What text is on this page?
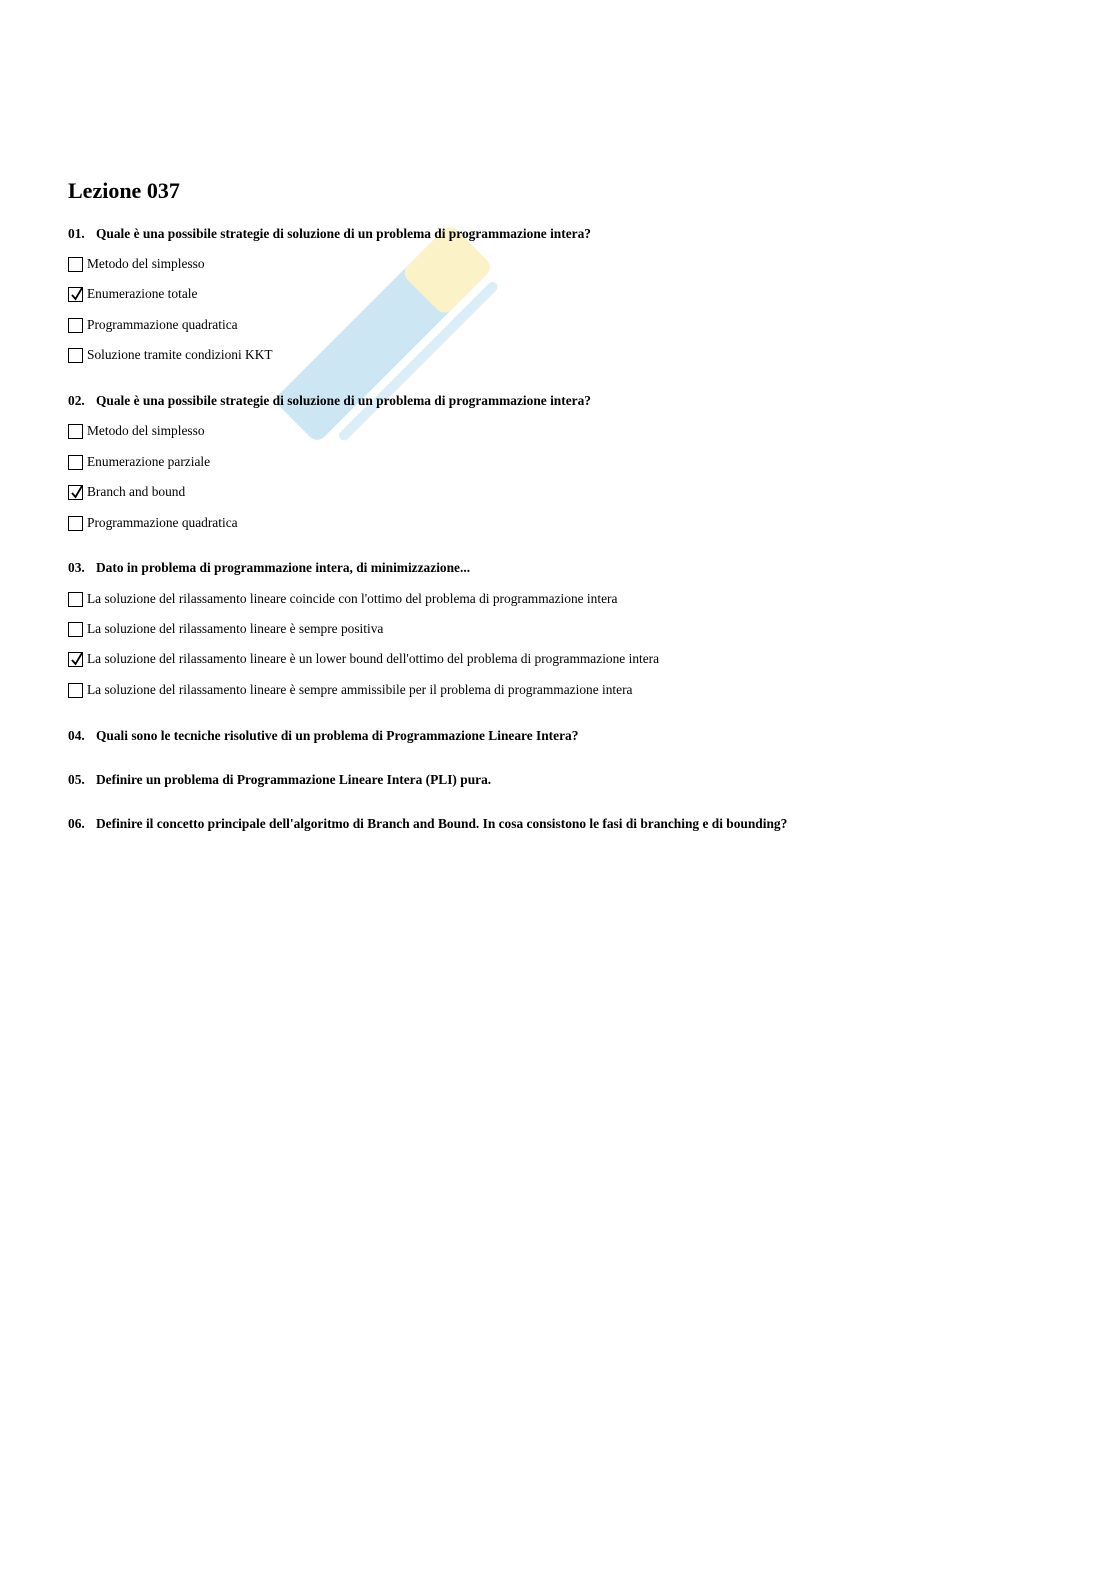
Lezione 037
01. Quale è una possibile strategie di soluzione di un problema di programmazione intera?
Metodo del simplesso
Enumerazione totale
Programmazione quadratica
Soluzione tramite condizioni KKT
02. Quale è una possibile strategie di soluzione di un problema di programmazione intera?
Metodo del simplesso
Enumerazione parziale
Branch and bound
Programmazione quadratica
03. Dato in problema di programmazione intera, di minimizzazione...
La soluzione del rilassamento lineare coincide con l'ottimo del problema di programmazione intera
La soluzione del rilassamento lineare è sempre positiva
La soluzione del rilassamento lineare è un lower bound dell'ottimo del problema di programmazione intera
La soluzione del rilassamento lineare è sempre ammissibile per il problema di programmazione intera
04. Quali sono le tecniche risolutive di un problema di Programmazione Lineare Intera?
05. Definire un problema di Programmazione Lineare Intera (PLI) pura.
06. Definire il concetto principale dell'algoritmo di Branch and Bound. In cosa consistono le fasi di branching e di bounding?
